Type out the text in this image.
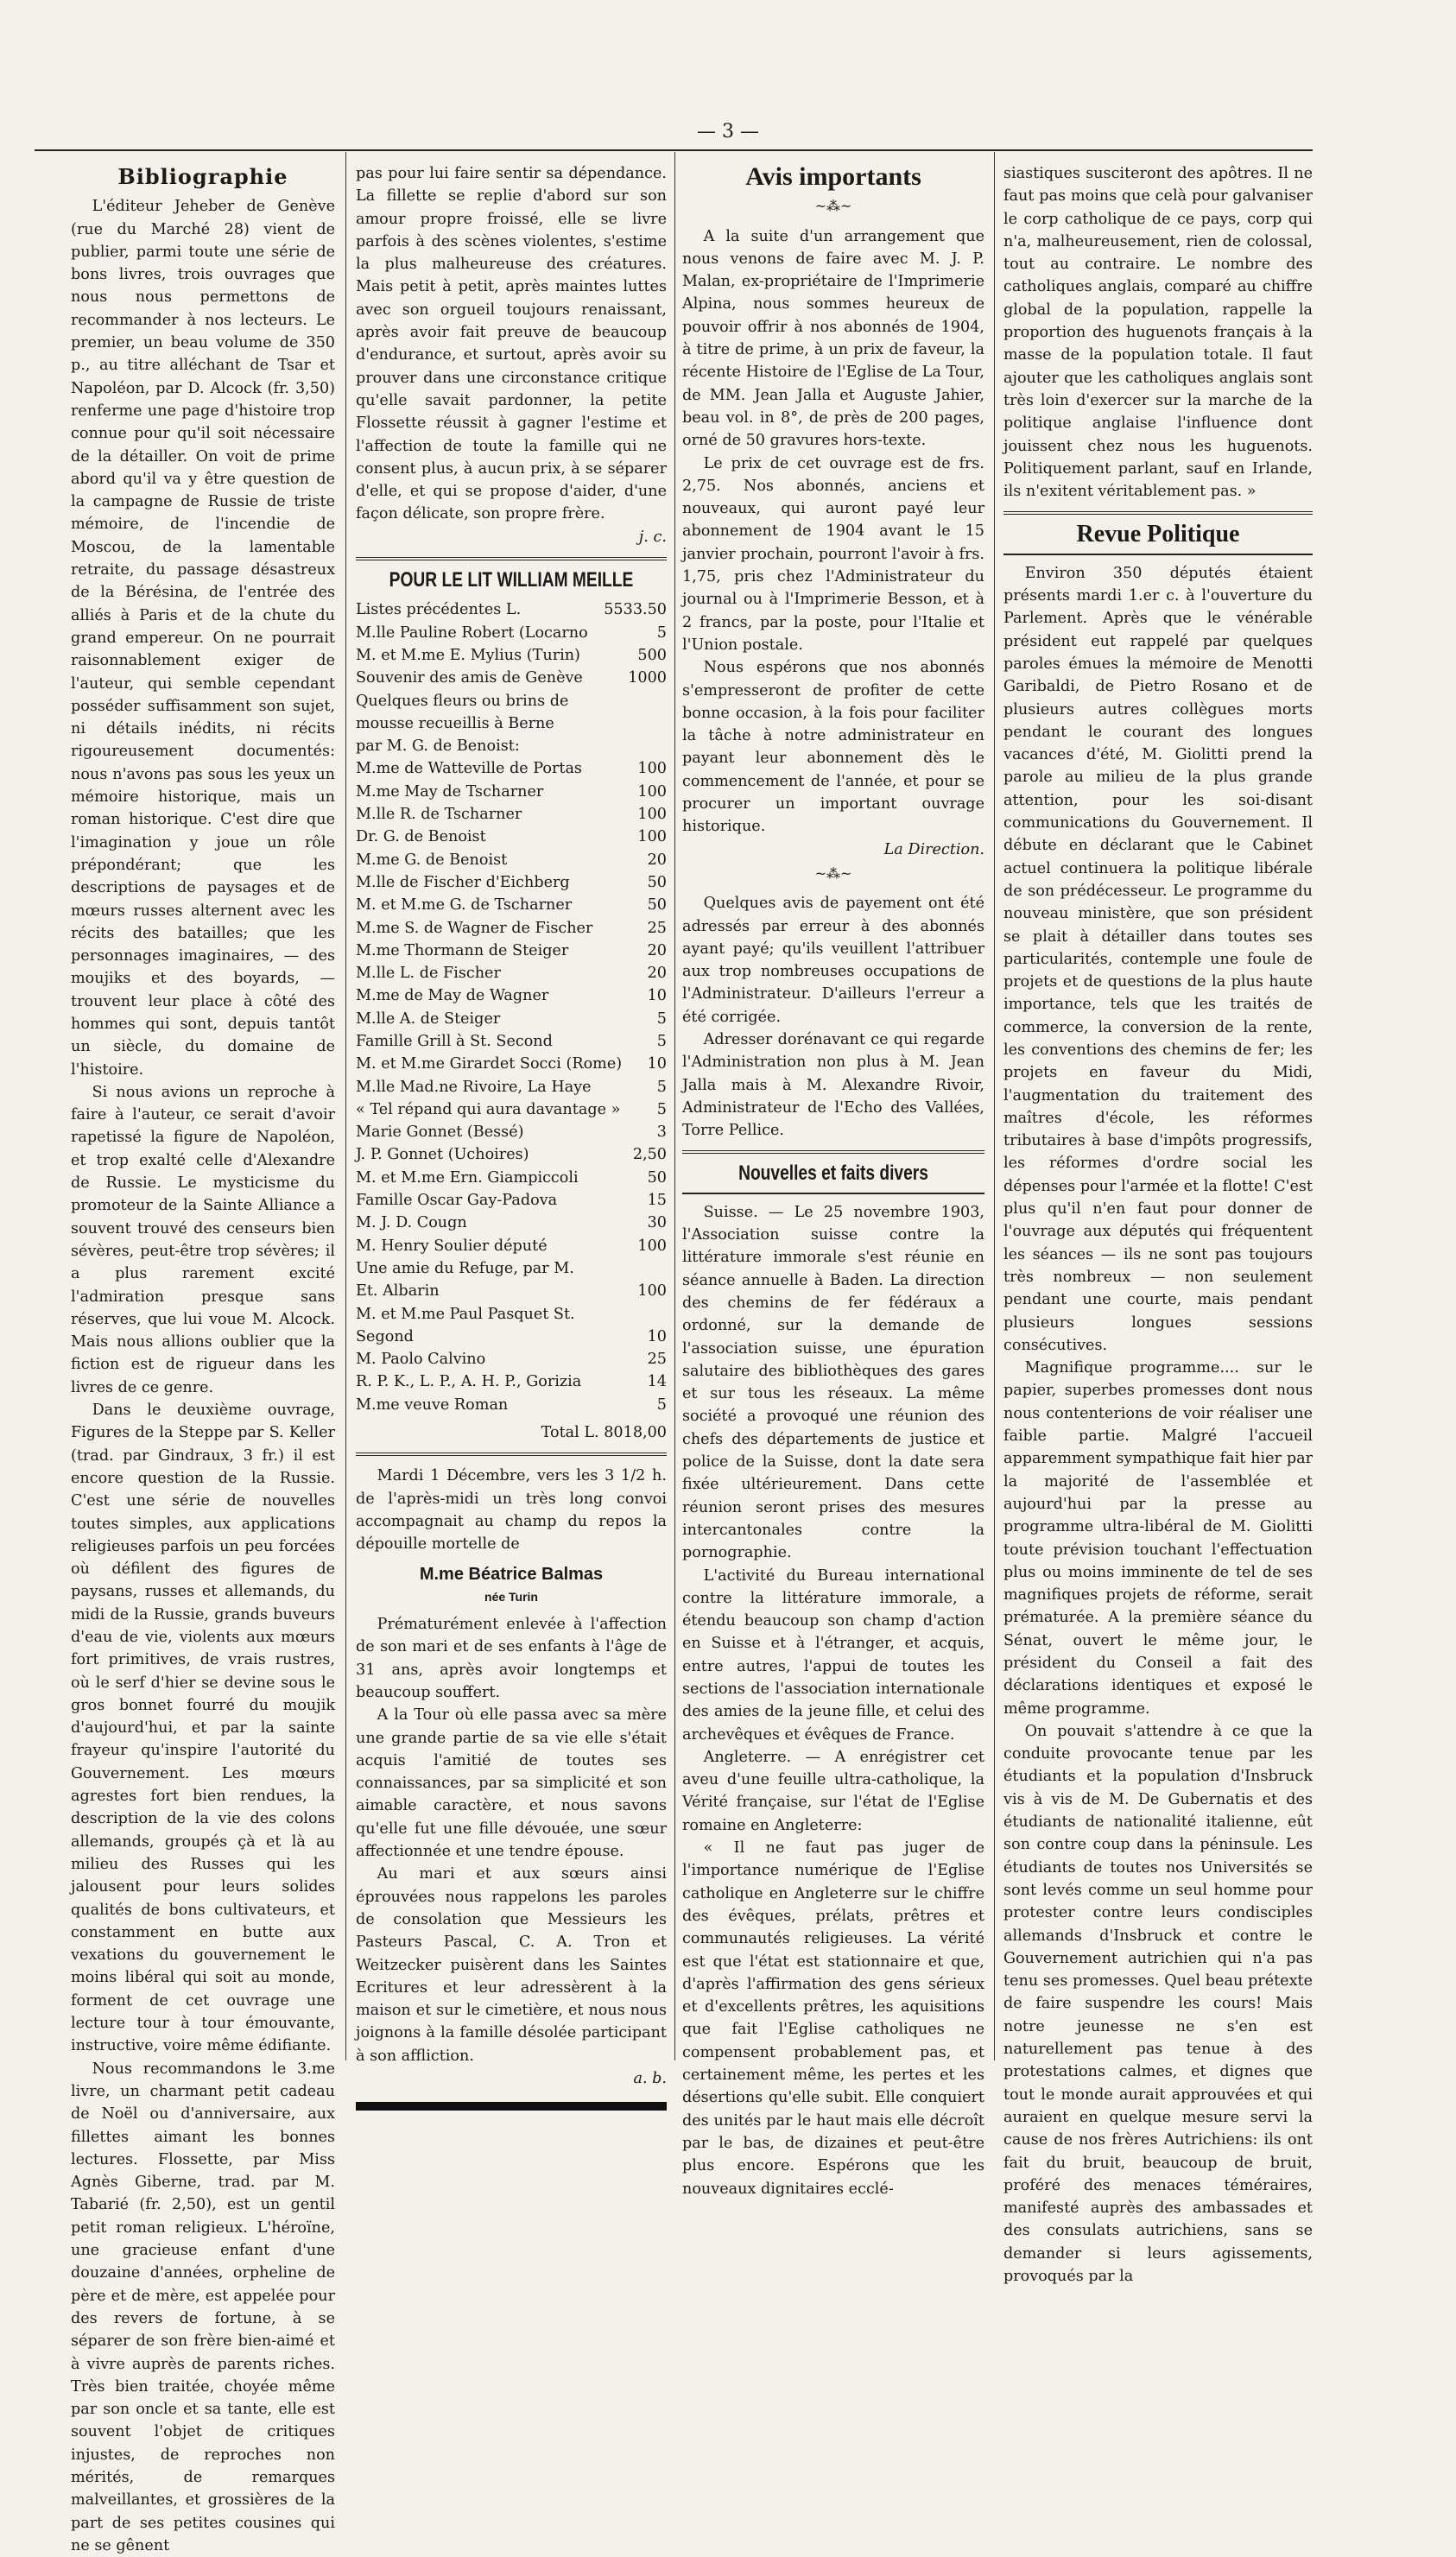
— 3 —
Bibliographie

L'éditeur Jeheber de Genève (rue du Marché 28) vient de publier, parmi toute une série de bons livres, trois ouvrages que nous nous permettons de recommander à nos lecteurs. Le premier, un beau volume de 350 p., au titre alléchant de Tsar et Napoléon, par D. Alcock (fr. 3,50) renferme une page d'histoire trop connue pour qu'il soit nécessaire de la détailler. On voit de prime abord qu'il va y être question de la campagne de Russie de triste mémoire, de l'incendie de Moscou, de la lamentable retraite, du passage désastreux de la Bérésina, de l'entrée des alliés à Paris et de la chute du grand empereur. On ne pourrait raisonnablement exiger de l'auteur, qui semble cependant posséder suffisamment son sujet, ni détails inédits, ni récits rigoureusement documentés: nous n'avons pas sous les yeux un mémoire historique, mais un roman historique. C'est dire que l'imagination y joue un rôle prépondérant; que les descriptions de paysages et de mœurs russes alternent avec les récits des batailles; que les personnages imaginaires, — des moujiks et des boyards, — trouvent leur place à côté des hommes qui sont, depuis tantôt un siècle, du domaine de l'histoire.

Si nous avions un reproche à faire à l'auteur, ce serait d'avoir rapetissé la figure de Napoléon, et trop exalté celle d'Alexandre de Russie. Le mysticisme du promoteur de la Sainte Alliance a souvent trouvé des censeurs bien sévères, peut-être trop sévères; il a plus rarement excité l'admiration presque sans réserves, que lui voue M. Alcock. Mais nous allions oublier que la fiction est de rigueur dans les livres de ce genre.

Dans le deuxième ouvrage, Figures de la Steppe par S. Keller (trad. par Gindraux, 3 fr.) il est encore question de la Russie. C'est une série de nouvelles toutes simples, aux applications religieuses parfois un peu forcées où défilent des figures de paysans, russes et allemands, du midi de la Russie, grands buveurs d'eau de vie, violents aux mœurs fort primitives, de vrais rustres, où le serf d'hier se devine sous le gros bonnet fourré du moujik d'aujourd'hui, et par la sainte frayeur qu'inspire l'autorité du Gouvernement. Les mœurs agrestes fort bien rendues, la description de la vie des colons allemands, groupés çà et là au milieu des Russes qui les jalousent pour leurs solides qualités de bons cultivateurs, et constamment en butte aux vexations du gouvernement le moins libéral qui soit au monde, forment de cet ouvrage une lecture tour à tour émouvante, instructive, voire même édifiante.

Nous recommandons le 3.me livre, un charmant petit cadeau de Noël ou d'anniversaire, aux fillettes aimant les bonnes lectures. Flossette, par Miss Agnès Giberne, trad. par M. Tabarié (fr. 2,50), est un gentil petit roman religieux. L'héroïne, une gracieuse enfant d'une douzaine d'années, orpheline de père et de mère, est appelée pour des revers de fortune, à se séparer de son frère bien-aimé et à vivre auprès de parents riches. Très bien traitée, choyée même par son oncle et sa tante, elle est souvent l'objet de critiques injustes, de reproches non mérités, de remarques malveillantes, et grossières de la part de ses petites cousines qui ne se gênent

pas pour lui faire sentir sa dépendance. La fillette se replie d'abord sur son amour propre froissé, elle se livre parfois à des scènes violentes, s'estime la plus malheureuse des créatures. Mais petit à petit, après maintes luttes avec son orgueil toujours renaissant, après avoir fait preuve de beaucoup d'endurance, et surtout, après avoir su prouver dans une circonstance critique qu'elle savait pardonner, la petite Flossette réussit à gagner l'estime et l'affection de toute la famille qui ne consent plus, à aucun prix, à se séparer d'elle, et qui se propose d'aider, d'une façon délicate, son propre frère.

j. c.

POUR LE LIT WILLIAM MEILLE
Listes précédentes L.	5533.50
M.lle Pauline Robert (Locarno	5
M. et M.me E. Mylius (Turin)	500
Souvenir des amis de Genève	1000
Quelques fleurs ou brins de
mousse recueillis à Berne
par M. G. de Benoist:
M.me de Watteville de Portas	100
M.me May de Tscharner	100
M.lle R. de Tscharner	100
Dr. G. de Benoist	100
M.me G. de Benoist	20
M.lle de Fischer d'Eichberg	50
M. et M.me G. de Tscharner	50
M.me S. de Wagner de Fischer	25
M.me Thormann de Steiger	20
M.lle L. de Fischer	20
M.me de May de Wagner	10
M.lle A. de Steiger	5
Famille Grill à St. Second	5
M. et M.me Girardet Socci (Rome)	10
M.lle Mad.ne Rivoire, La Haye	5
« Tel répand qui aura davantage »	5
Marie Gonnet (Bessé)	3
J. P. Gonnet (Uchoires)	2,50
M. et M.me Ern. Giampiccoli	50
Famille Oscar Gay-Padova	15
M. J. D. Cougn	30
M. Henry Soulier député	100
Une amie du Refuge, par M.
Et. Albarin	100
M. et M.me Paul Pasquet St.
Segond	10
M. Paolo Calvino	25
R. P. K., L. P., A. H. P., Gorizia	14
M.me veuve Roman	5
Total L. 8018,00

Mardi 1 Décembre, vers les 3 1/2 h. de l'après-midi un très long convoi accompagnait au champ du repos la dépouille mortelle de

M.me Béatrice Balmas
née Turin

Prématurément enlevée à l'affection de son mari et de ses enfants à l'âge de 31 ans, après avoir longtemps et beaucoup souffert.

A la Tour où elle passa avec sa mère une grande partie de sa vie elle s'était acquis l'amitié de toutes ses connaissances, par sa simplicité et son aimable caractère, et nous savons qu'elle fut une fille dévouée, une sœur affectionnée et une tendre épouse.

Au mari et aux sœurs ainsi éprouvées nous rappelons les paroles de consolation que Messieurs les Pasteurs Pascal, C. A. Tron et Weitzecker puisèrent dans les Saintes Ecritures et leur adressèrent à la maison et sur le cimetière, et nous nous joignons à la famille désolée participant à son affliction.

a. b.

Avis importants
~⁂~

A la suite d'un arrangement que nous venons de faire avec M. J. P. Malan, ex-propriétaire de l'Imprimerie Alpina, nous sommes heureux de pouvoir offrir à nos abonnés de 1904, à titre de prime, à un prix de faveur, la récente Histoire de l'Eglise de La Tour, de MM. Jean Jalla et Auguste Jahier, beau vol. in 8°, de près de 200 pages, orné de 50 gravures hors-texte.

Le prix de cet ouvrage est de frs. 2,75. Nos abonnés, anciens et nouveaux, qui auront payé leur abonnement de 1904 avant le 15 janvier prochain, pourront l'avoir à frs. 1,75, pris chez l'Administrateur du journal ou à l'Imprimerie Besson, et à 2 francs, par la poste, pour l'Italie et l'Union postale.

Nous espérons que nos abonnés s'empresseront de profiter de cette bonne occasion, à la fois pour faciliter la tâche à notre administrateur en payant leur abonnement dès le commencement de l'année, et pour se procurer un important ouvrage historique.

La Direction.

~⁂~

Quelques avis de payement ont été adressés par erreur à des abonnés ayant payé; qu'ils veuillent l'attribuer aux trop nombreuses occupations de l'Administrateur. D'ailleurs l'erreur a été corrigée.

Adresser dorénavant ce qui regarde l'Administration non plus à M. Jean Jalla mais à M. Alexandre Rivoir, Administrateur de l'Echo des Vallées, Torre Pellice.

Nouvelles et faits divers

Suisse. — Le 25 novembre 1903, l'Association suisse contre la littérature immorale s'est réunie en séance annuelle à Baden. La direction des chemins de fer fédéraux a ordonné, sur la demande de l'association suisse, une épuration salutaire des bibliothèques des gares et sur tous les réseaux. La même société a provoqué une réunion des chefs des départements de justice et police de la Suisse, dont la date sera fixée ultérieurement. Dans cette réunion seront prises des mesures intercantonales contre la pornographie.

L'activité du Bureau international contre la littérature immorale, a étendu beaucoup son champ d'action en Suisse et à l'étranger, et acquis, entre autres, l'appui de toutes les sections de l'association internationale des amies de la jeune fille, et celui des archevêques et évêques de France.

Angleterre. — A enrégistrer cet aveu d'une feuille ultra-catholique, la Vérité française, sur l'état de l'Eglise romaine en Angleterre:

« Il ne faut pas juger de l'importance numérique de l'Eglise catholique en Angleterre sur le chiffre des évêques, prélats, prêtres et communautés religieuses. La vérité est que l'état est stationnaire et que, d'après l'affirmation des gens sérieux et d'excellents prêtres, les aquisitions que fait l'Eglise catholiques ne compensent probablement pas, et certainement même, les pertes et les désertions qu'elle subit. Elle conquiert des unités par le haut mais elle décroît par le bas, de dizaines et peut-être plus encore. Espérons que les nouveaux dignitaires ecclé-

siastiques susciteront des apôtres. Il ne faut pas moins que celà pour galvaniser le corp catholique de ce pays, corp qui n'a, malheureusement, rien de colossal, tout au contraire. Le nombre des catholiques anglais, comparé au chiffre global de la population, rappelle la proportion des huguenots français à la masse de la population totale. Il faut ajouter que les catholiques anglais sont très loin d'exercer sur la marche de la politique anglaise l'influence dont jouissent chez nous les huguenots. Politiquement parlant, sauf en Irlande, ils n'exitent véritablement pas. »

Revue Politique

Environ 350 députés étaient présents mardi 1.er c. à l'ouverture du Parlement. Après que le vénérable président eut rappelé par quelques paroles émues la mémoire de Menotti Garibaldi, de Pietro Rosano et de plusieurs autres collègues morts pendant le courant des longues vacances d'été, M. Giolitti prend la parole au milieu de la plus grande attention, pour les soi-disant communications du Gouvernement. Il débute en déclarant que le Cabinet actuel continuera la politique libérale de son prédécesseur. Le programme du nouveau ministère, que son président se plait à détailler dans toutes ses particularités, contemple une foule de projets et de questions de la plus haute importance, tels que les traités de commerce, la conversion de la rente, les conventions des chemins de fer; les projets en faveur du Midi, l'augmentation du traitement des maîtres d'école, les réformes tributaires à base d'impôts progressifs, les réformes d'ordre social les dépenses pour l'armée et la flotte! C'est plus qu'il n'en faut pour donner de l'ouvrage aux députés qui fréquentent les séances — ils ne sont pas toujours très nombreux — non seulement pendant une courte, mais pendant plusieurs longues sessions consécutives.

Magnifique programme.... sur le papier, superbes promesses dont nous nous contenterions de voir réaliser une faible partie. Malgré l'accueil apparemment sympathique fait hier par la majorité de l'assemblée et aujourd'hui par la presse au programme ultra-libéral de M. Giolitti toute prévision touchant l'effectuation plus ou moins imminente de tel de ses magnifiques projets de réforme, serait prématurée. A la première séance du Sénat, ouvert le même jour, le président du Conseil a fait des déclarations identiques et exposé le même programme.

On pouvait s'attendre à ce que la conduite provocante tenue par les étudiants et la population d'Insbruck vis à vis de M. De Gubernatis et des étudiants de nationalité italienne, eût son contre coup dans la péninsule. Les étudiants de toutes nos Universités se sont levés comme un seul homme pour protester contre leurs condisciples allemands d'Insbruck et contre le Gouvernement autrichien qui n'a pas tenu ses promesses. Quel beau prétexte de faire suspendre les cours! Mais notre jeunesse ne s'en est naturellement pas tenue à des protestations calmes, et dignes que tout le monde aurait approuvées et qui auraient en quelque mesure servi la cause de nos frères Autrichiens: ils ont fait du bruit, beaucoup de bruit, proféré des menaces téméraires, manifesté auprès des ambassades et des consulats autrichiens, sans se demander si leurs agissements, provoqués par la
